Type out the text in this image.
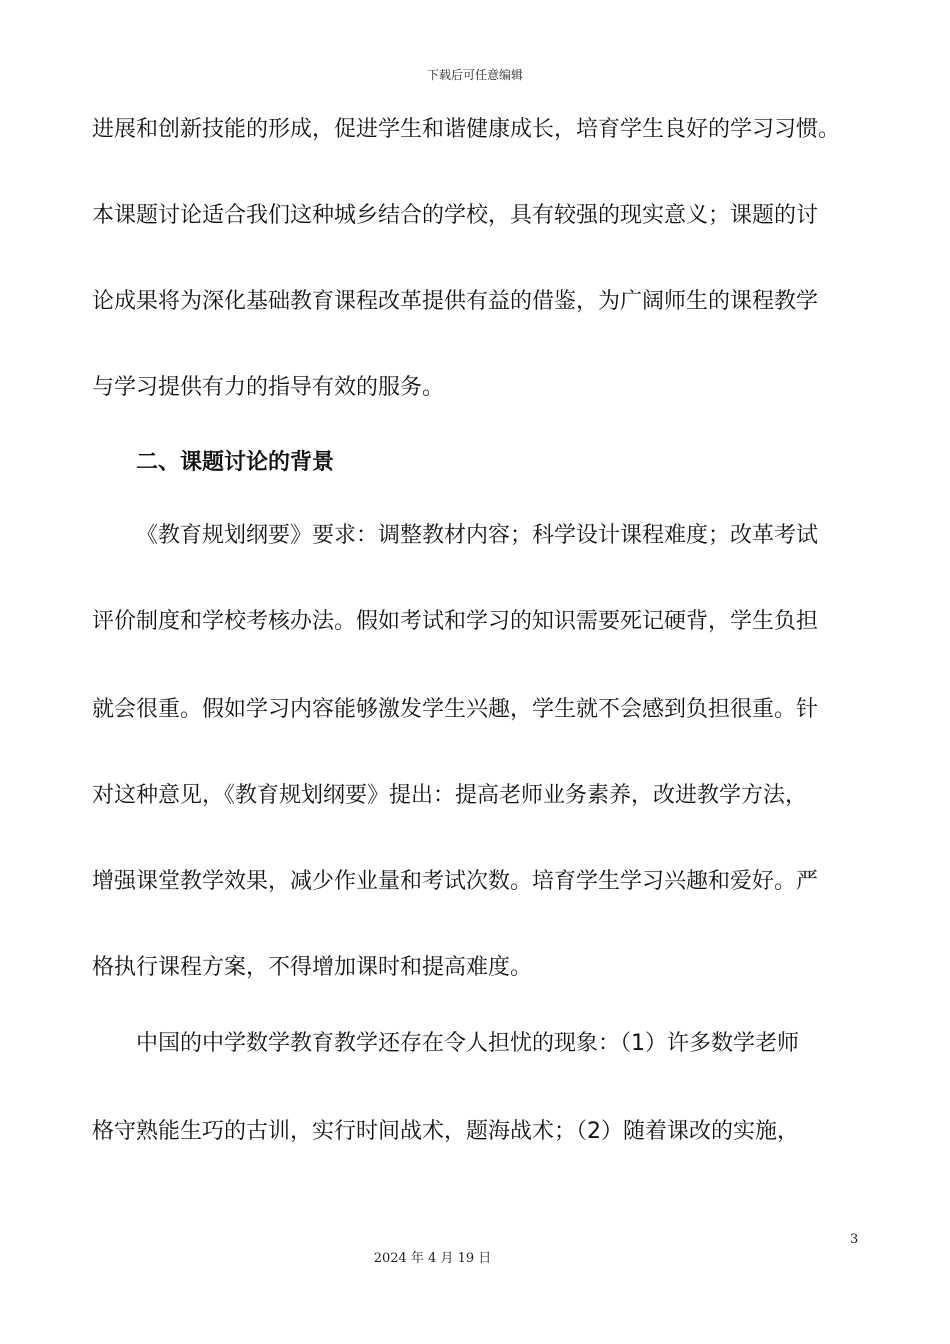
下载后可任意编辑
进展和创新技能的形成，促进学生和谐健康成长，培育学生良好的学习习惯。
本课题讨论适合我们这种城乡结合的学校，具有较强的现实意义；课题的讨
论成果将为深化基础教育课程改革提供有益的借鉴，为广阔师生的课程教学
与学习提供有力的指导有效的服务。
二、课题讨论的背景
《教育规划纲要》要求：调整教材内容；科学设计课程难度；改革考试
评价制度和学校考核办法。假如考试和学习的知识需要死记硬背，学生负担
就会很重。假如学习内容能够激发学生兴趣，学生就不会感到负担很重。针
对这种意见，《教育规划纲要》提出：提高老师业务素养，改进教学方法，
增强课堂教学效果，减少作业量和考试次数。培育学生学习兴趣和爱好。严
格执行课程方案，不得增加课时和提高难度。
中国的中学数学教育教学还存在令人担忧的现象：（1）许多数学老师
格守熟能生巧的古训，实行时间战术，题海战术；（2）随着课改的实施，
3
2024 年 4 月 19 日
